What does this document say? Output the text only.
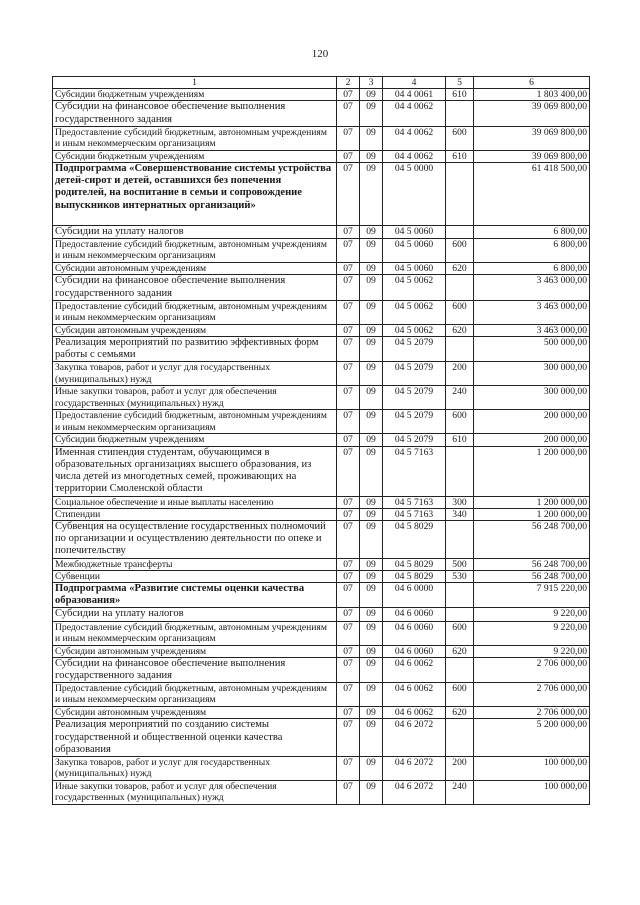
120
1	2	3	4	5	6
Субсидии бюджетным учреждениям	07	09	04 4 0061	610	1 803 400,00
Субсидии на финансовое обеспечение выполнения государственного задания	07	09	04 4 0062		39 069 800,00
Предоставление субсидий бюджетным, автономным учреждениям и иным некоммерческим организациям	07	09	04 4 0062	600	39 069 800,00
Субсидии бюджетным учреждениям	07	09	04 4 0062	610	39 069 800,00
Подпрограмма «Совершенствование системы устройства детей-сирот и детей, оставшихся без попечения родителей, на воспитание в семьи и сопровождение выпускников интернатных организаций»	07	09	04 5 0000		61 418 500,00
Субсидии на уплату налогов	07	09	04 5 0060		6 800,00
Предоставление субсидий бюджетным, автономным учреждениям и иным некоммерческим организациям	07	09	04 5 0060	600	6 800,00
Субсидии автономным учреждениям	07	09	04 5 0060	620	6 800,00
Субсидии на финансовое обеспечение выполнения государственного задания	07	09	04 5 0062		3 463 000,00
Предоставление субсидий бюджетным, автономным учреждениям и иным некоммерческим организациям	07	09	04 5 0062	600	3 463 000,00
Субсидии автономным учреждениям	07	09	04 5 0062	620	3 463 000,00
Реализация мероприятий по развитию эффективных форм работы с семьями	07	09	04 5 2079		500 000,00
Закупка товаров, работ и услуг для государственных (муниципальных) нужд	07	09	04 5 2079	200	300 000,00
Иные закупки товаров, работ и услуг для обеспечения государственных (муниципальных) нужд	07	09	04 5 2079	240	300 000,00
Предоставление субсидий бюджетным, автономным учреждениям и иным некоммерческим организациям	07	09	04 5 2079	600	200 000,00
Субсидии бюджетным учреждениям	07	09	04 5 2079	610	200 000,00
Именная стипендия студентам, обучающимся в образовательных организациях высшего образования, из числа детей из многодетных семей, проживающих на территории Смоленской области	07	09	04 5 7163		1 200 000,00
Социальное обеспечение и иные выплаты населению	07	09	04 5 7163	300	1 200 000,00
Стипендии	07	09	04 5 7163	340	1 200 000,00
Субвенция на осуществление государственных полномочий по организации и осуществлению деятельности по опеке и попечительству	07	09	04 5 8029		56 248 700,00
Межбюджетные трансферты	07	09	04 5 8029	500	56 248 700,00
Субвенции	07	09	04 5 8029	530	56 248 700,00
Подпрограмма «Развитие системы оценки качества образования»	07	09	04 6 0000		7 915 220,00
Субсидии на уплату налогов	07	09	04 6 0060		9 220,00
Предоставление субсидий бюджетным, автономным учреждениям и иным некоммерческим организациям	07	09	04 6 0060	600	9 220,00
Субсидии автономным учреждениям	07	09	04 6 0060	620	9 220,00
Субсидии на финансовое обеспечение выполнения государственного задания	07	09	04 6 0062		2 706 000,00
Предоставление субсидий бюджетным, автономным учреждениям и иным некоммерческим организациям	07	09	04 6 0062	600	2 706 000,00
Субсидии автономным учреждениям	07	09	04 6 0062	620	2 706 000,00
Реализация мероприятий по созданию системы государственной и общественной оценки качества образования	07	09	04 6 2072		5 200 000,00
Закупка товаров, работ и услуг для государственных (муниципальных) нужд	07	09	04 6 2072	200	100 000,00
Иные закупки товаров, работ и услуг для обеспечения государственных (муниципальных) нужд	07	09	04 6 2072	240	100 000,00
